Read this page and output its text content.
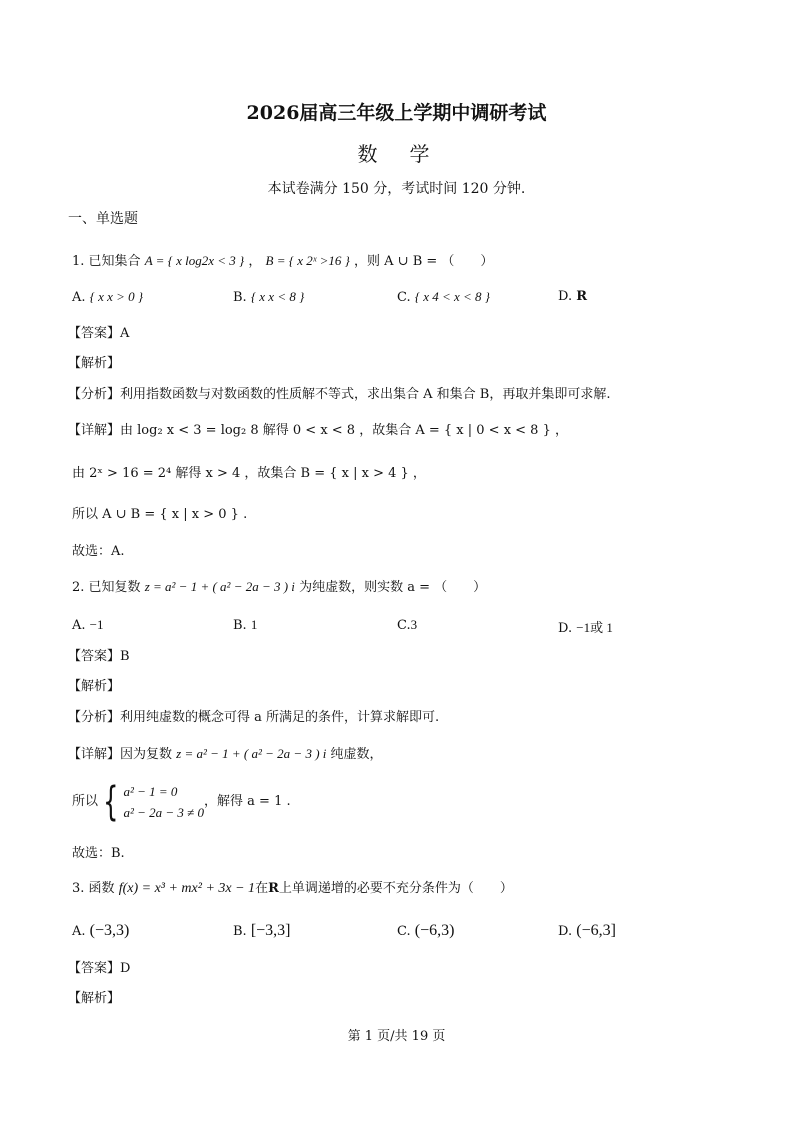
2026届高三年级上学期中调研考试
数　学
本试卷满分 150 分，考试时间 120 分钟.
一、单选题
1. 已知集合 A = { x log2x < 3 } ， B = { x 2ˣ >16 } ，则 A ∪ B = （　　）
A. { x x > 0 }	B. { x x < 8 }	C. { x 4 < x < 8 }	D. R
【答案】A
【解析】
【分析】利用指数函数与对数函数的性质解不等式，求出集合 A 和集合 B，再取并集即可求解.
【详解】由 log₂ x < 3 = log₂ 8 解得 0 < x < 8 ，故集合 A = { x | 0 < x < 8 } ，
由 2ˣ > 16 = 2⁴ 解得 x > 4 ，故集合 B = { x | x > 4 } ，
所以 A ∪ B = { x | x > 0 } .
故选：A.
2. 已知复数 z = a² − 1 + ( a² − 2a − 3 ) i 为纯虚数，则实数 a = （　　）
A. −1	B. 1	C.3	D. −1或 1
【答案】B
【解析】
【分析】利用纯虚数的概念可得 a 所满足的条件，计算求解即可.
【详解】因为复数 z = a² − 1 + ( a² − 2a − 3 ) i 纯虚数，
所以 { a² − 1 = 0
a² − 2a − 3 ≠ 0，解得 a = 1 .
故选：B.
3. 函数 f(x) = x³ + mx² + 3x − 1在R上单调递增的必要不充分条件为（　　）
A. (−3,3)	B. [−3,3]	C. (−6,3)	D. (−6,3]
【答案】D
【解析】
第 1 页/共 19 页
